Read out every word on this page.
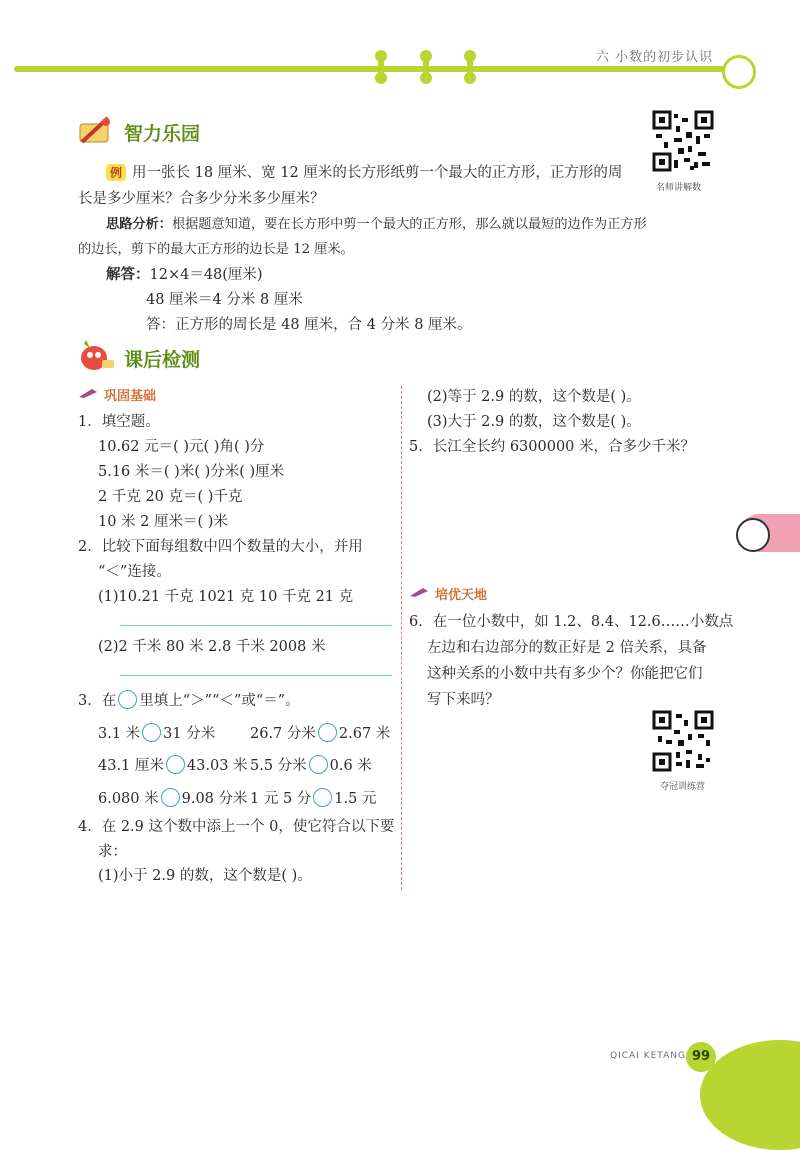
六 小数的初步认识
智力乐园
名师讲解数

例 用一张长 18 厘米、宽 12 厘米的长方形纸剪一个最大的正方形，正方形的周

长是多少厘米？合多少分米多少厘米？

思路分析：根据题意知道，要在长方形中剪一个最大的正方形，那么就以最短的边作为正方形

的边长，剪下的最大正方形的边长是 12 厘米。

解答：12×4＝48(厘米)

48 厘米＝4 分米 8 厘米

答：正方形的周长是 48 厘米，合 4 分米 8 厘米。

课后检测
巩固基础

1．填空题。

10.62 元＝( )元( )角( )分

5.16 米＝( )米( )分米( )厘米

2 千克 20 克＝( )千克

10 米 2 厘米＝( )米

2．比较下面每组数中四个数量的大小，并用

“＜”连接。

(1)10.21 千克 1021 克 10 千克 21 克

(2)2 千米 80 米 2.8 千米 2008 米

3．在 里填上“＞”“＜”或“＝”。

3.1 米 31 分米 26.7 分米 2.67 米

43.1 厘米 43.03 米 5.5 分米 0.6 米

6.080 米 9.08 分米 1 元 5 分 1.5 元

4．在 2.9 这个数中添上一个 0，使它符合以下要

求：

(1)小于 2.9 的数，这个数是( )。

(2)等于 2.9 的数，这个数是( )。

(3)大于 2.9 的数，这个数是( )。

5．长江全长约 6300000 米，合多少千米？

培优天地

6．在一位小数中，如 1.2、8.4、12.6……小数点

左边和右边部分的数正好是 2 倍关系，具备

这种关系的小数中共有多少个？你能把它们

写下来吗？

夺冠训练营
QICAI KETANG 99
